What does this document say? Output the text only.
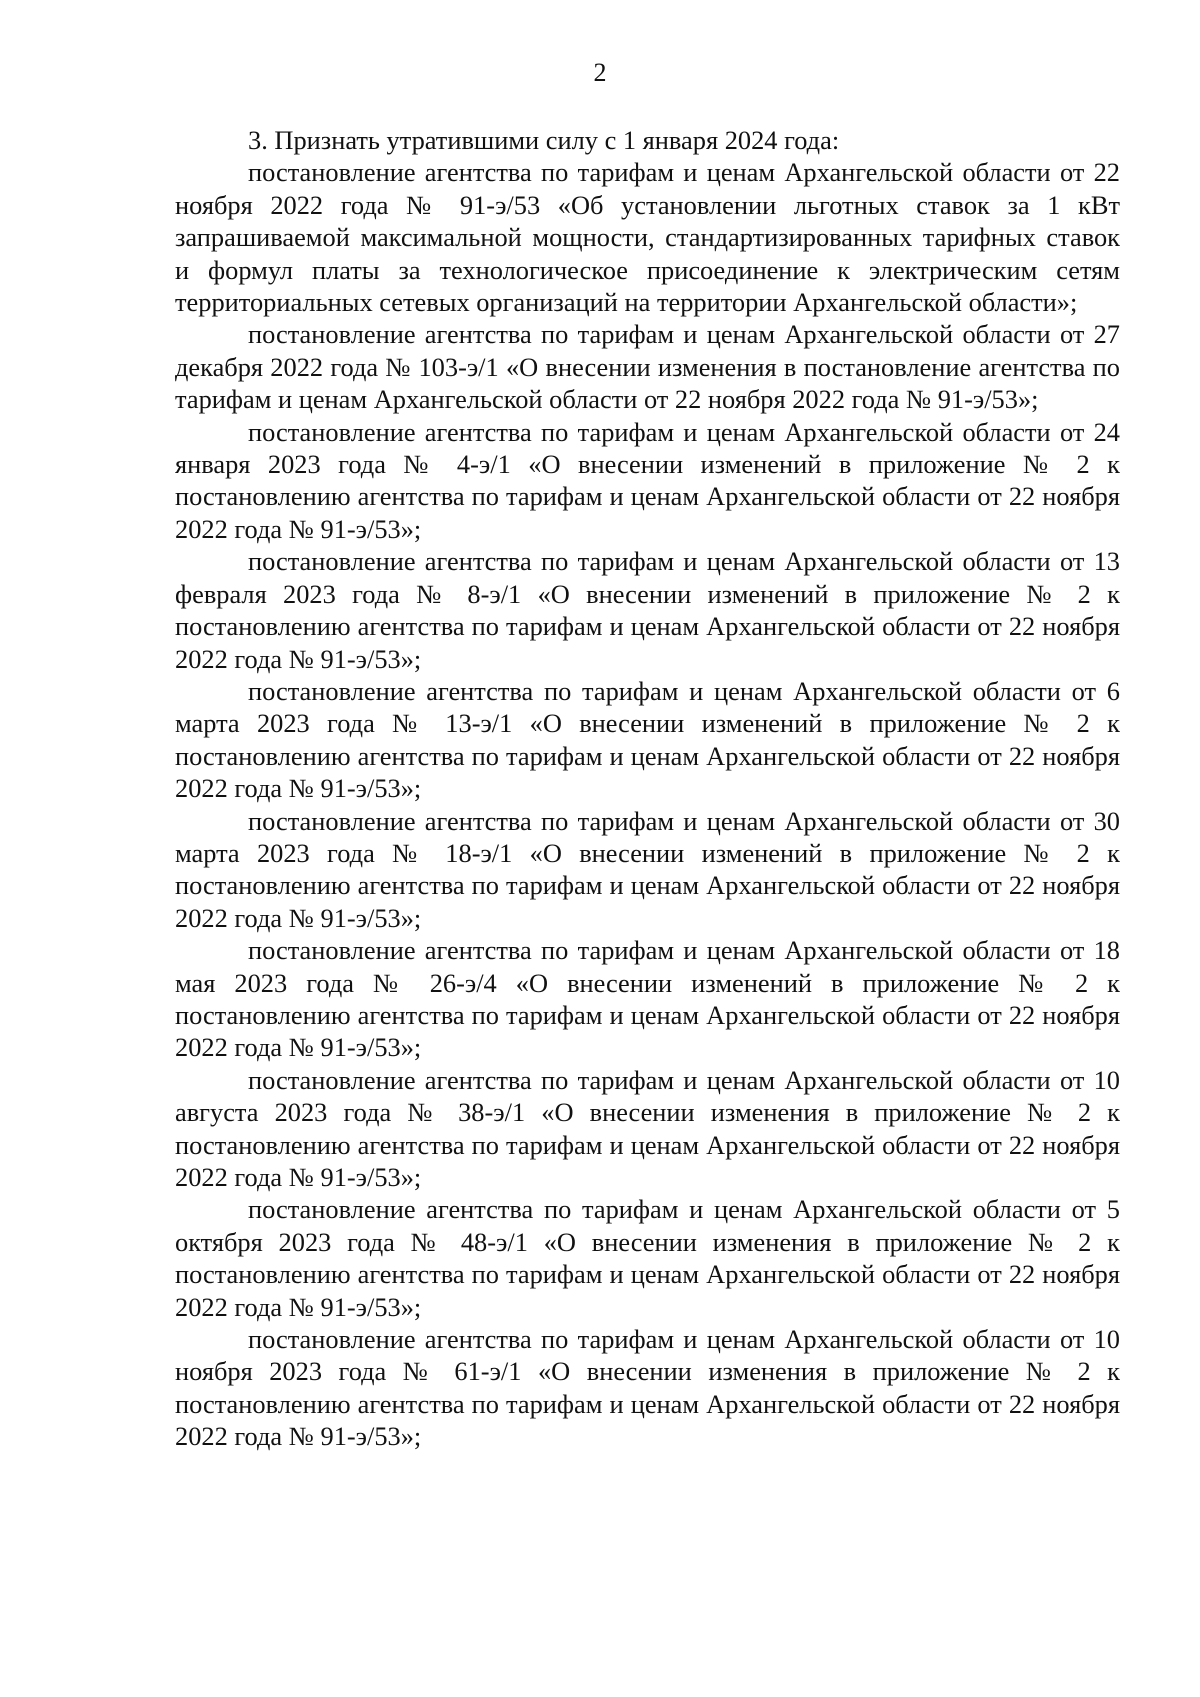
2

3. Признать утратившими силу с 1 января 2024 года:

постановление агентства по тарифам и ценам Архангельской области от 22 ноября 2022 года № 91-э/53 «Об установлении льготных ставок за 1 кВт запрашиваемой максимальной мощности, стандартизированных тарифных ставок и формул платы за технологическое присоединение к электрическим сетям территориальных сетевых организаций на территории Архангельской области»;

постановление агентства по тарифам и ценам Архангельской области от 27 декабря 2022 года № 103-э/1 «О внесении изменения в постановление агентства по тарифам и ценам Архангельской области от 22 ноября 2022 года № 91-э/53»;

постановление агентства по тарифам и ценам Архангельской области от 24 января 2023 года № 4-э/1 «О внесении изменений в приложение № 2 к постановлению агентства по тарифам и ценам Архангельской области от 22 ноября 2022 года № 91-э/53»;

постановление агентства по тарифам и ценам Архангельской области от 13 февраля 2023 года № 8-э/1 «О внесении изменений в приложение № 2 к постановлению агентства по тарифам и ценам Архангельской области от 22 ноября 2022 года № 91-э/53»;

постановление агентства по тарифам и ценам Архангельской области от 6 марта 2023 года № 13-э/1 «О внесении изменений в приложение № 2 к постановлению агентства по тарифам и ценам Архангельской области от 22 ноября 2022 года № 91-э/53»;

постановление агентства по тарифам и ценам Архангельской области от 30 марта 2023 года № 18-э/1 «О внесении изменений в приложение № 2 к постановлению агентства по тарифам и ценам Архангельской области от 22 ноября 2022 года № 91-э/53»;

постановление агентства по тарифам и ценам Архангельской области от 18 мая 2023 года № 26-э/4 «О внесении изменений в приложение № 2 к постановлению агентства по тарифам и ценам Архангельской области от 22 ноября 2022 года № 91-э/53»;

постановление агентства по тарифам и ценам Архангельской области от 10 августа 2023 года № 38-э/1 «О внесении изменения в приложение № 2 к постановлению агентства по тарифам и ценам Архангельской области от 22 ноября 2022 года № 91-э/53»;

постановление агентства по тарифам и ценам Архангельской области от 5 октября 2023 года № 48-э/1 «О внесении изменения в приложение № 2 к постановлению агентства по тарифам и ценам Архангельской области от 22 ноября 2022 года № 91-э/53»;

постановление агентства по тарифам и ценам Архангельской области от 10 ноября 2023 года № 61-э/1 «О внесении изменения в приложение № 2 к постановлению агентства по тарифам и ценам Архангельской области от 22 ноября 2022 года № 91-э/53»;
